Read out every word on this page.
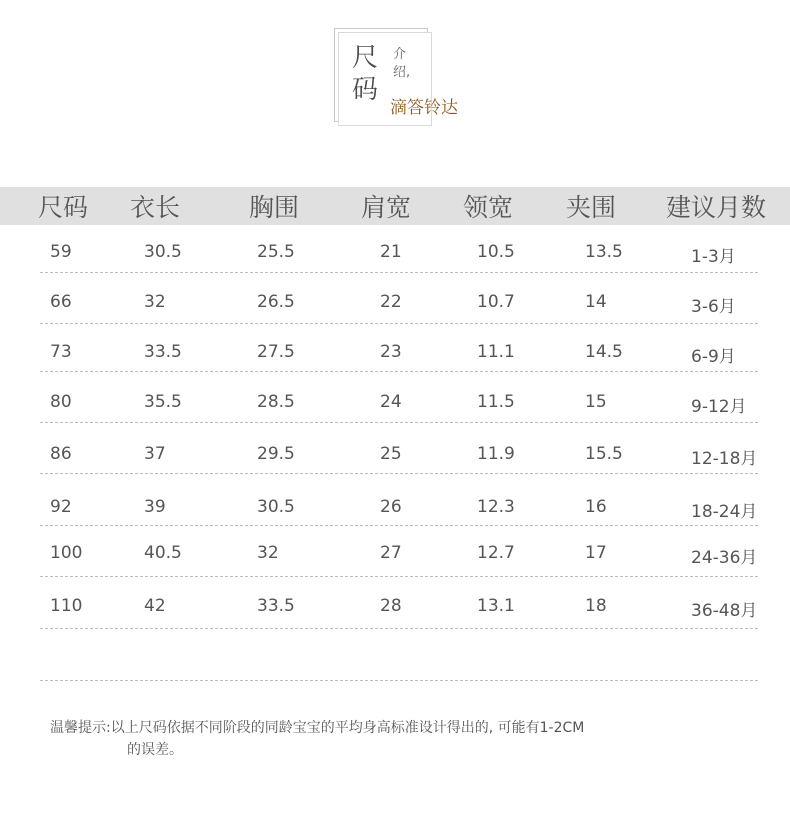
尺
码
介
绍,
滴答铃达
尺码 衣长	胸围 肩宽 领宽 夹围 建议月数
59	30.5	25.5	21	10.5	13.5	1-3月
66	32	26.5	22	10.7	14	3-6月
73	33.5	27.5	23	11.1	14.5	6-9月
80	35.5	28.5	24	11.5	15	9-12月
86	37	29.5	25	11.9	15.5	12-18月
92	39	30.5	26	12.3	16	18-24月
100	40.5	32	27	12.7	17	24-36月
110	42	33.5	28	13.1	18	36-48月
温馨提示:以上尺码依据不同阶段的同龄宝宝的平均身高标准设计得出的, 可能有1-2CM
的误差。
